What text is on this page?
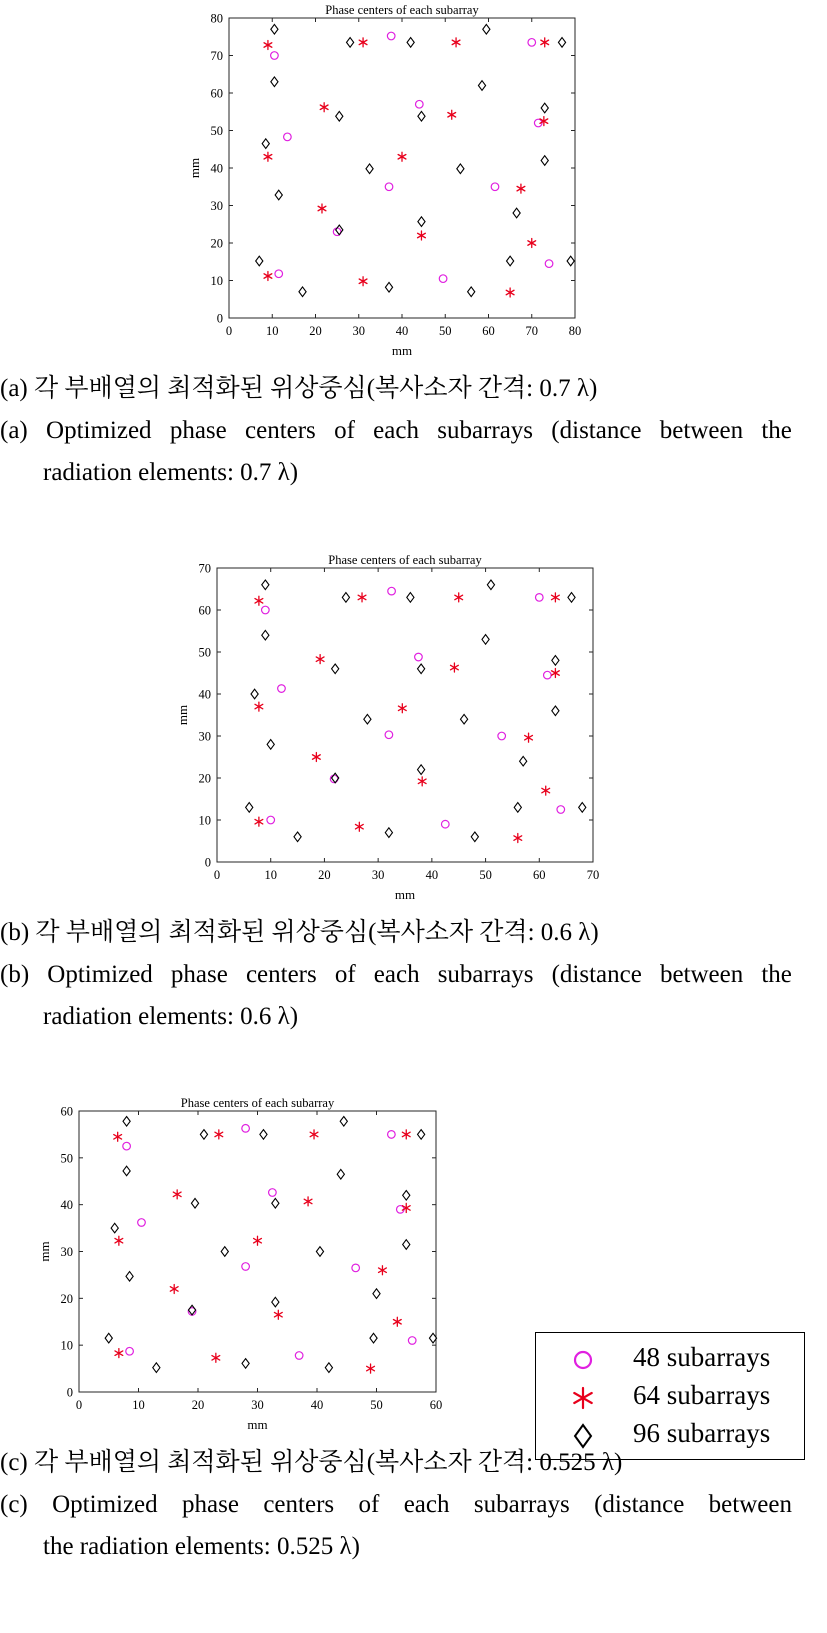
0	10 20 30 40 50 60 70 80
0
10
20
30
40
50
60
70
80
Phase centers of each subarray
mm
mm
(a) 각 부배열의 최적화된 위상중심(복사소자 간격: 0.7 λ)
(a) Optimized phase centers of each subarrays (distance between the
radiation elements: 0.7 λ)
0	10	20	30	40	50	60	70
0
10
20
30
40
50
60
70
Phase centers of each subarray
mm
mm
(b) 각 부배열의 최적화된 위상중심(복사소자 간격: 0.6 λ)
(b) Optimized phase centers of each subarrays (distance between the
radiation elements: 0.6 λ)
0	10	20	30	40	50	60
0
10
20
30
40
50
60
Phase centers of each subarray
mm
mm
48 subarrays
64 subarrays
96 subarrays
(c) 각 부배열의 최적화된 위상중심(복사소자 간격: 0.525 λ)
(c) Optimized phase centers of each subarrays (distance between
the radiation elements: 0.525 λ)
